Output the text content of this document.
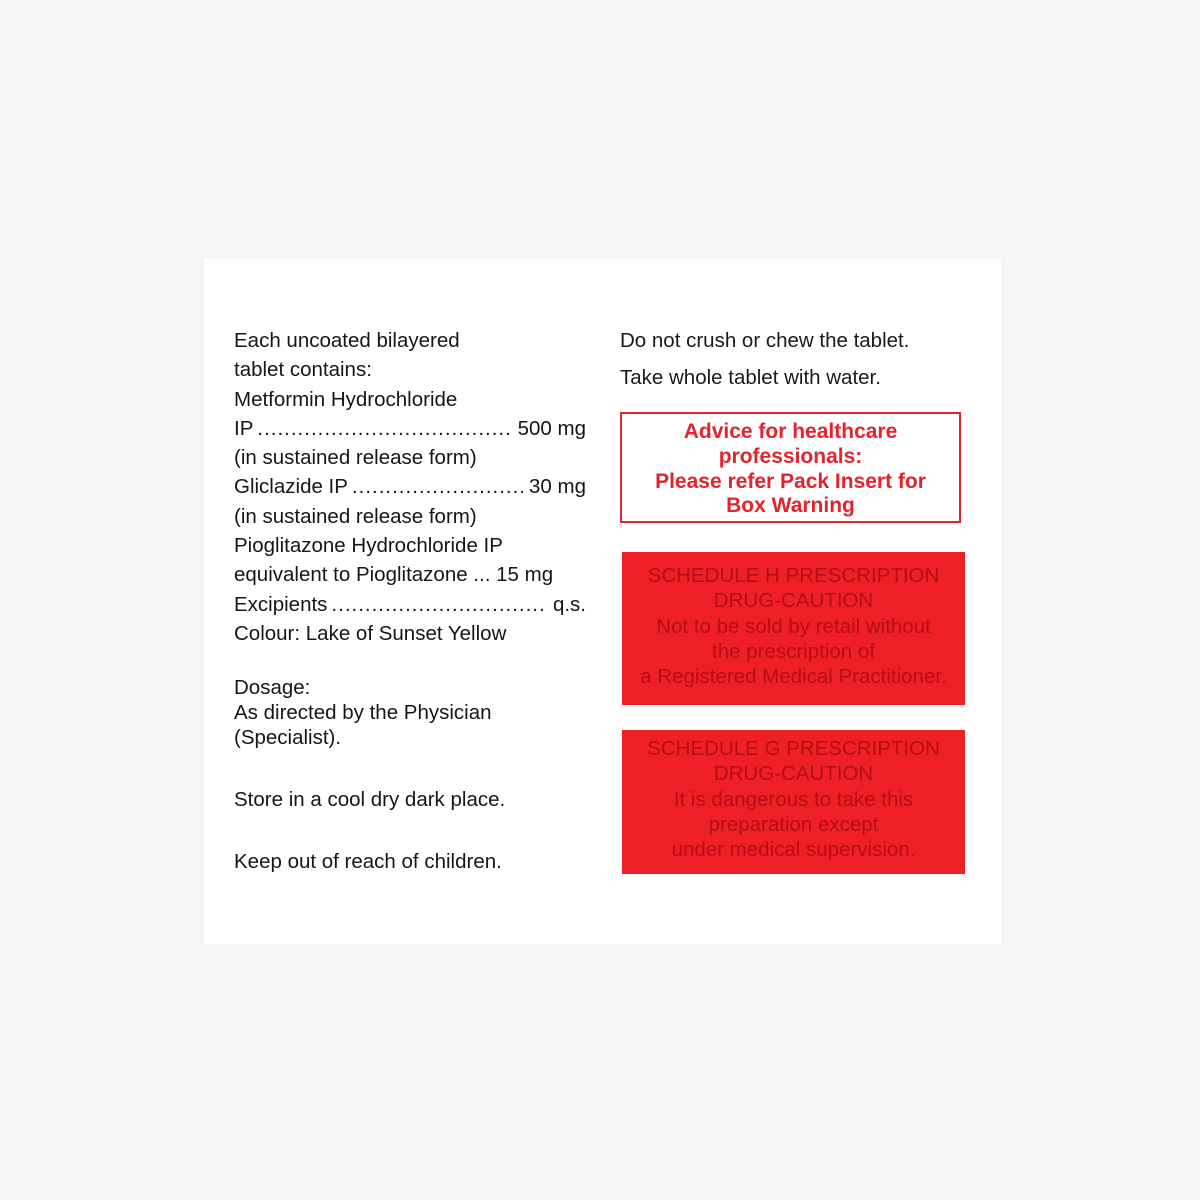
Each uncoated bilayered
tablet contains:
Metformin Hydrochloride
IP .....	500 mg
(in sustained release form)
Gliclazide IP .....	30 mg
(in sustained release form)
Pioglitazone Hydrochloride IP
equivalent to Pioglitazone ... 15 mg
Excipients .....	q.s.
Colour: Lake of Sunset Yellow
Dosage:
As directed by the Physician
(Specialist).
Store in a cool dry dark place.
Keep out of reach of children.
Do not crush or chew the tablet.
Take whole tablet with water.
Advice for healthcare
professionals:
Please refer Pack Insert for
Box Warning
SCHEDULE H PRESCRIPTION
DRUG-CAUTION
Not to be sold by retail without
the prescription of
a Registered Medical Practitioner.
SCHEDULE G PRESCRIPTION
DRUG-CAUTION
It is dangerous to take this
preparation except
under medical supervision.
